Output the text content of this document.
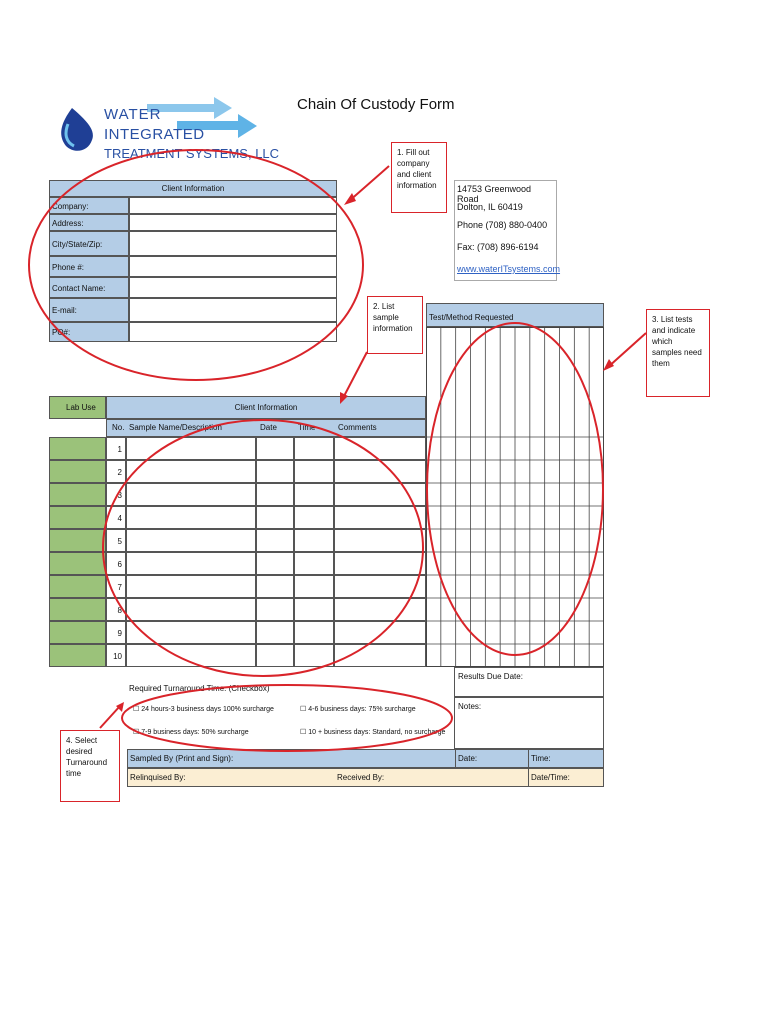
WATER
INTEGRATED
TREATMENT SYSTEMS, LLC
Chain Of Custody Form
Client Information
Company:
Address:
City/State/Zip:
Phone #:
Contact Name:
E-mail:
PO#:
14753 Greenwood Road
Dolton, IL 60419
Phone (708) 880-0400
Fax: (708) 896-6194
www.waterITsystems.com
1. Fill out company and client information
2. List sample information
3. List tests and indicate which samples need them
4. Select desired Turnaround time
Test/Method Requested
Lab Use	Client Information
No. Sample Name/Description	Date	Time	Comments
1
2
3
4
5
6
7
8
9
10
Required Turnaround Time: (Checkbox)
☐ 24 hours-3 business days 100% surcharge	☐ 4-6 business days: 75% surcharge
☐ 7-9 business days: 50% surcharge	☐ 10 + business days: Standard, no surcharge
Results Due Date:
Notes:
Sampled By (Print and Sign):	Date:	Time:
Relinquised By:	Received By:	Date/Time:
